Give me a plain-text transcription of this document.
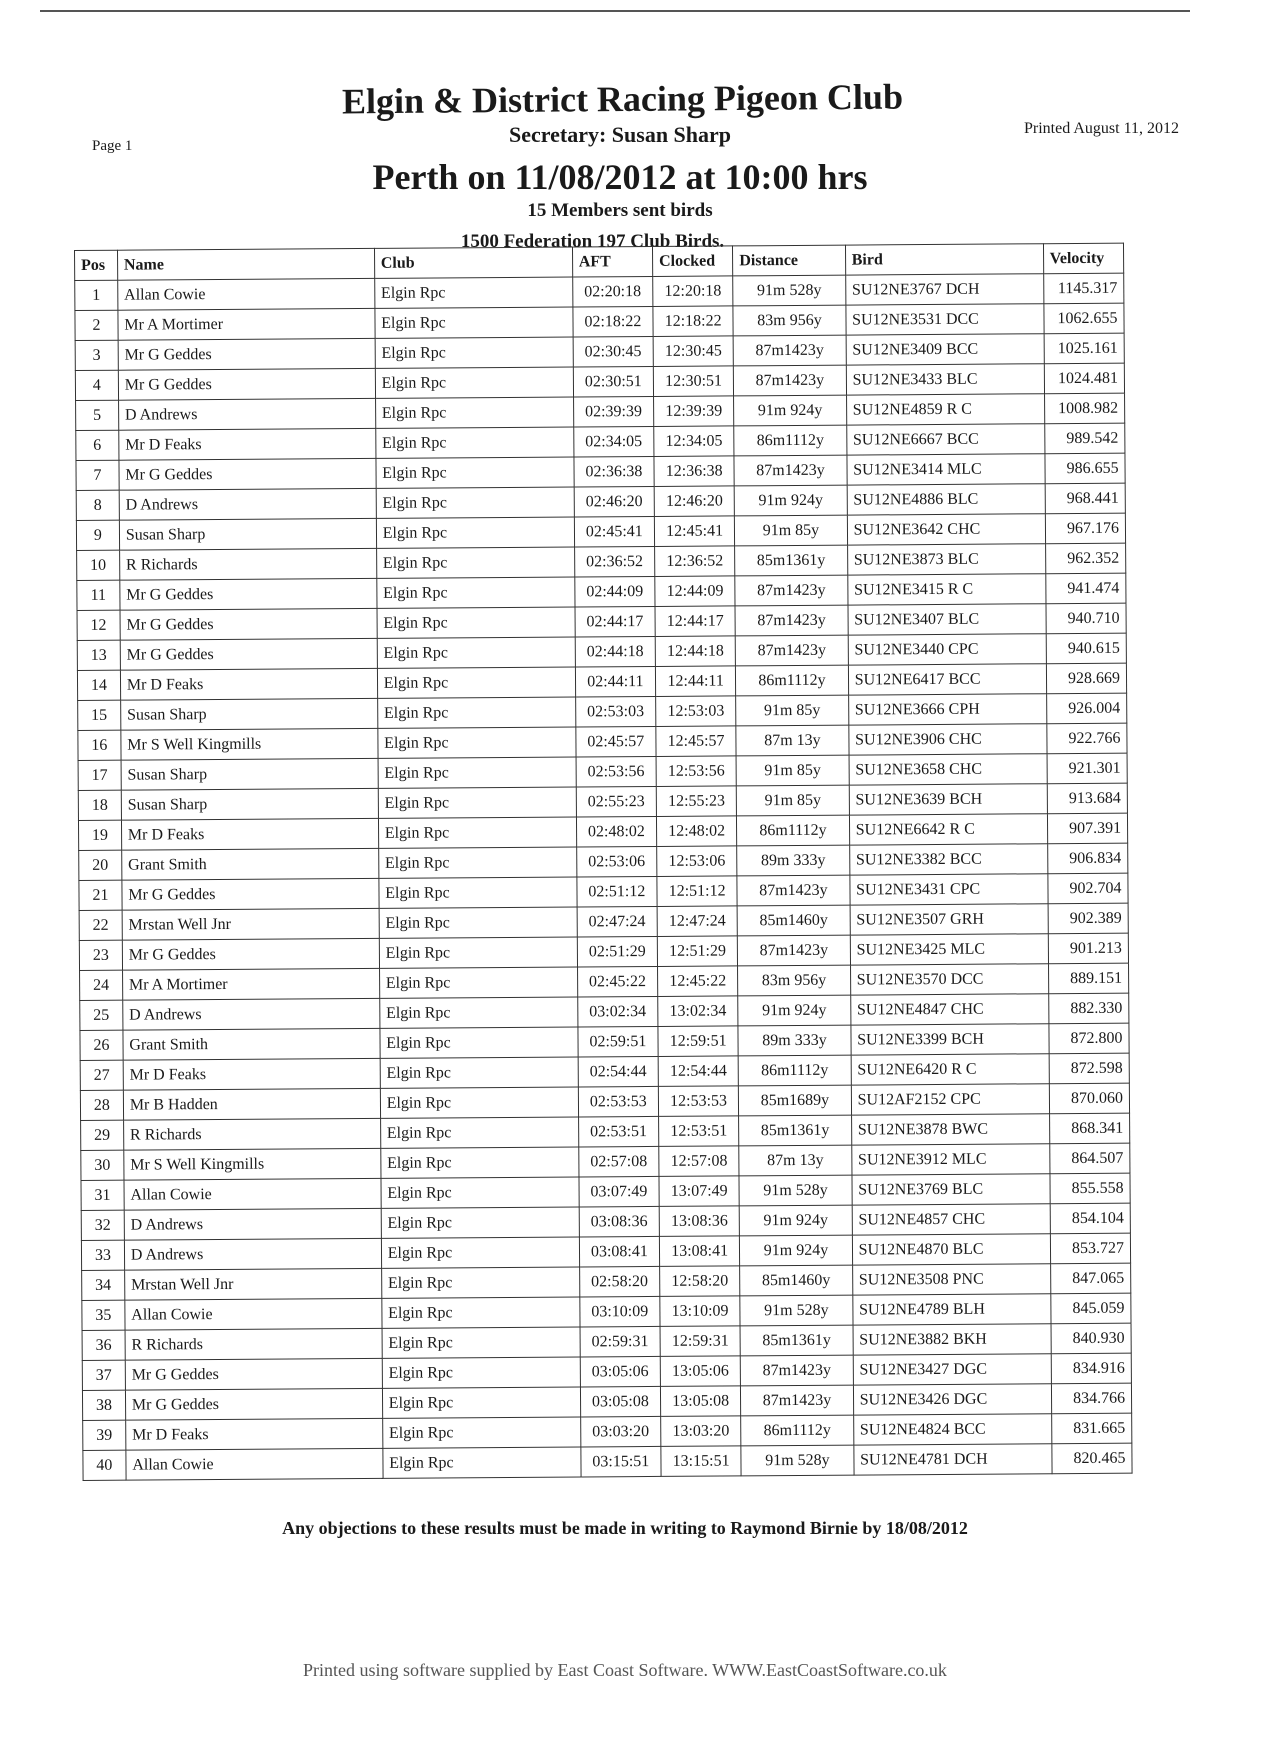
Page 1
Printed August 11, 2012
Elgin & District Racing Pigeon Club
Secretary: Susan Sharp
Perth on 11/08/2012 at 10:00 hrs
15 Members sent birds
1500 Federation 197 Club Birds.
Pos	Name	Club	AFT	Clocked	Distance	Bird	Velocity
1	Allan Cowie	Elgin Rpc	02:20:18	12:20:18	91m 528y	SU12NE3767 DCH	1145.317
2	Mr A Mortimer	Elgin Rpc	02:18:22	12:18:22	83m 956y	SU12NE3531 DCC	1062.655
3	Mr G Geddes	Elgin Rpc	02:30:45	12:30:45	87m1423y	SU12NE3409 BCC	1025.161
4	Mr G Geddes	Elgin Rpc	02:30:51	12:30:51	87m1423y	SU12NE3433 BLC	1024.481
5	D Andrews	Elgin Rpc	02:39:39	12:39:39	91m 924y	SU12NE4859 R C	1008.982
6	Mr D Feaks	Elgin Rpc	02:34:05	12:34:05	86m1112y	SU12NE6667 BCC	989.542
7	Mr G Geddes	Elgin Rpc	02:36:38	12:36:38	87m1423y	SU12NE3414 MLC	986.655
8	D Andrews	Elgin Rpc	02:46:20	12:46:20	91m 924y	SU12NE4886 BLC	968.441
9	Susan Sharp	Elgin Rpc	02:45:41	12:45:41	91m 85y	SU12NE3642 CHC	967.176
10	R Richards	Elgin Rpc	02:36:52	12:36:52	85m1361y	SU12NE3873 BLC	962.352
11	Mr G Geddes	Elgin Rpc	02:44:09	12:44:09	87m1423y	SU12NE3415 R C	941.474
12	Mr G Geddes	Elgin Rpc	02:44:17	12:44:17	87m1423y	SU12NE3407 BLC	940.710
13	Mr G Geddes	Elgin Rpc	02:44:18	12:44:18	87m1423y	SU12NE3440 CPC	940.615
14	Mr D Feaks	Elgin Rpc	02:44:11	12:44:11	86m1112y	SU12NE6417 BCC	928.669
15	Susan Sharp	Elgin Rpc	02:53:03	12:53:03	91m 85y	SU12NE3666 CPH	926.004
16	Mr S Well Kingmills	Elgin Rpc	02:45:57	12:45:57	87m 13y	SU12NE3906 CHC	922.766
17	Susan Sharp	Elgin Rpc	02:53:56	12:53:56	91m 85y	SU12NE3658 CHC	921.301
18	Susan Sharp	Elgin Rpc	02:55:23	12:55:23	91m 85y	SU12NE3639 BCH	913.684
19	Mr D Feaks	Elgin Rpc	02:48:02	12:48:02	86m1112y	SU12NE6642 R C	907.391
20	Grant Smith	Elgin Rpc	02:53:06	12:53:06	89m 333y	SU12NE3382 BCC	906.834
21	Mr G Geddes	Elgin Rpc	02:51:12	12:51:12	87m1423y	SU12NE3431 CPC	902.704
22	Mrstan Well Jnr	Elgin Rpc	02:47:24	12:47:24	85m1460y	SU12NE3507 GRH	902.389
23	Mr G Geddes	Elgin Rpc	02:51:29	12:51:29	87m1423y	SU12NE3425 MLC	901.213
24	Mr A Mortimer	Elgin Rpc	02:45:22	12:45:22	83m 956y	SU12NE3570 DCC	889.151
25	D Andrews	Elgin Rpc	03:02:34	13:02:34	91m 924y	SU12NE4847 CHC	882.330
26	Grant Smith	Elgin Rpc	02:59:51	12:59:51	89m 333y	SU12NE3399 BCH	872.800
27	Mr D Feaks	Elgin Rpc	02:54:44	12:54:44	86m1112y	SU12NE6420 R C	872.598
28	Mr B Hadden	Elgin Rpc	02:53:53	12:53:53	85m1689y	SU12AF2152 CPC	870.060
29	R Richards	Elgin Rpc	02:53:51	12:53:51	85m1361y	SU12NE3878 BWC	868.341
30	Mr S Well Kingmills	Elgin Rpc	02:57:08	12:57:08	87m 13y	SU12NE3912 MLC	864.507
31	Allan Cowie	Elgin Rpc	03:07:49	13:07:49	91m 528y	SU12NE3769 BLC	855.558
32	D Andrews	Elgin Rpc	03:08:36	13:08:36	91m 924y	SU12NE4857 CHC	854.104
33	D Andrews	Elgin Rpc	03:08:41	13:08:41	91m 924y	SU12NE4870 BLC	853.727
34	Mrstan Well Jnr	Elgin Rpc	02:58:20	12:58:20	85m1460y	SU12NE3508 PNC	847.065
35	Allan Cowie	Elgin Rpc	03:10:09	13:10:09	91m 528y	SU12NE4789 BLH	845.059
36	R Richards	Elgin Rpc	02:59:31	12:59:31	85m1361y	SU12NE3882 BKH	840.930
37	Mr G Geddes	Elgin Rpc	03:05:06	13:05:06	87m1423y	SU12NE3427 DGC	834.916
38	Mr G Geddes	Elgin Rpc	03:05:08	13:05:08	87m1423y	SU12NE3426 DGC	834.766
39	Mr D Feaks	Elgin Rpc	03:03:20	13:03:20	86m1112y	SU12NE4824 BCC	831.665
40	Allan Cowie	Elgin Rpc	03:15:51	13:15:51	91m 528y	SU12NE4781 DCH	820.465
Any objections to these results must be made in writing to Raymond Birnie by 18/08/2012
Printed using software supplied by East Coast Software. WWW.EastCoastSoftware.co.uk
